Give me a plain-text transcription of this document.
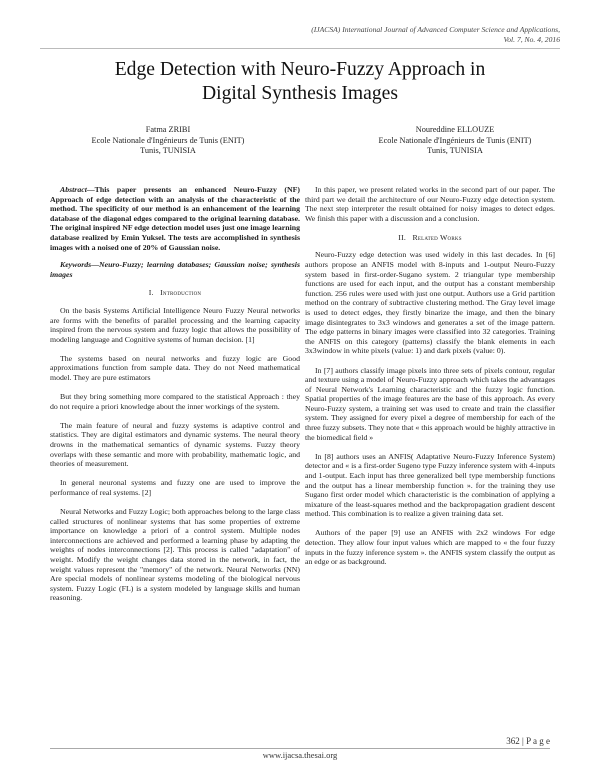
(IJACSA) International Journal of Advanced Computer Science and Applications,
Vol. 7, No. 4, 2016
Edge Detection with Neuro-Fuzzy Approach in
Digital Synthesis Images
Fatma ZRIBI
Ecole Nationale d'Ingénieurs de Tunis (ENIT)
Tunis, TUNISIA
Noureddine ELLOUZE
Ecole Nationale d'Ingénieurs de Tunis (ENIT)
Tunis, TUNISIA
Abstract—This paper presents an enhanced Neuro-Fuzzy (NF) Approach of edge detection with an analysis of the characteristic of the method. The specificity of our method is an enhancement of the learning database of the diagonal edges compared to the original learning database. The original inspired NF edge detection model uses just one image learning database realized by Emin Yuksel. The tests are accomplished in synthesis images with a noised one of 20% of Gaussian noise.
Keywords—Neuro-Fuzzy; learning databases; Gaussian noise; synthesis images
I. Introduction

On the basis Systems Artificial Intelligence Neuro Fuzzy Neural networks are forms with the benefits of parallel processing and the learning capacity inspired from the nervous system and fuzzy logic that allows the possibility of modeling language and Cognitive systems of human decision. [1]

The systems based on neural networks and fuzzy logic are Good approximations function from sample data. They do not Need mathematical model. They are pure estimators

But they bring something more compared to the statistical Approach : they do not require a priori knowledge about the inner workings of the system.

The main feature of neural and fuzzy systems is adaptive control and statistics. They are digital estimators and dynamic systems. The neural theory drowns in the mathematical semantics of dynamic systems. Fuzzy theory overlaps with these semantic and more with probability, mathematic logic, and theories of measurement.

In general neuronal systems and fuzzy one are used to improve the performance of real systems. [2]

Neural Networks and Fuzzy Logic; both approaches belong to the large class called structures of nonlinear systems that has some properties of extreme importance on knowledge a priori of a control system. Multiple nodes interconnections are achieved and performed a learning phase by adapting the weights of nodes interconnections [2]. This process is called "adaptation" of weight. Modify the weight changes data stored in the network, in fact, the weight values represent the "memory" of the network. Neural Networks (NN) Are special models of nonlinear systems modeling of the biological nervous system. Fuzzy Logic (FL) is a system modeled by language skills and human reasoning.

In this paper, we present related works in the second part of our paper. The third part we detail the architecture of our Neuro-Fuzzy edge detection system. The next step interpreter the result obtained for noisy images to detect edges. We finish this paper with a discussion and a conclusion.

II. Related Works

Neuro-Fuzzy edge detection was used widely in this last decades. In [6] authors propose an ANFIS model with 8-inputs and 1-output Neuro-Fuzzy system based in first-order-Sugano system. 2 triangular type membership functions are used for each input, and the output has a constant membership function. 256 rules were used with just one output. Authors use a Grid partition method on the contrary of subtractive clustering method. The Gray level image is used to detect edges, they firstly binarize the image, and then the binary image disintegrates to 3x3 windows and generates a set of the image pattern. The edge patterns in binary images were classified into 32 categories. Training the ANFIS on this category (patterns) classify the blank elements in each 3x3window in white pixels (value: 1) and dark pixels (value: 0).

In [7] authors classify image pixels into three sets of pixels contour, regular and texture using a model of Neuro-Fuzzy approach which takes the advantages of Neural Network's Learning characteristic and the fuzzy logic function. Spatial properties of the image features are the base of this approach. As every Neuro-Fuzzy system, a training set was used to create and train the classifier system. They assigned for every pixel a degree of membership for each of the three fuzzy subsets. They note that « this approach would be highly attractive in the biomedical field »

In [8] authors uses an ANFIS( Adaptative Neuro-Fuzzy Inference System) detector and « is a first-order Sugeno type Fuzzy inference system with 4-inputs and 1-output. Each input has three generalized bell type membership functions and the output has a linear membership function ». for the training they use Sugano first order model which characteristic is the combination of applying a mixature of the least-squares method and the backpropagation gradient descent method. This combination is to realize a given training data set.

Authors of the paper [9] use an ANFIS with 2x2 windows For edge detection. They allow four input values which are mapped to « the four fuzzy inputs in the fuzzy inference system ». the ANFIS system classify the output as an edge or as background.

362 | P a g e
www.ijacsa.thesai.org
